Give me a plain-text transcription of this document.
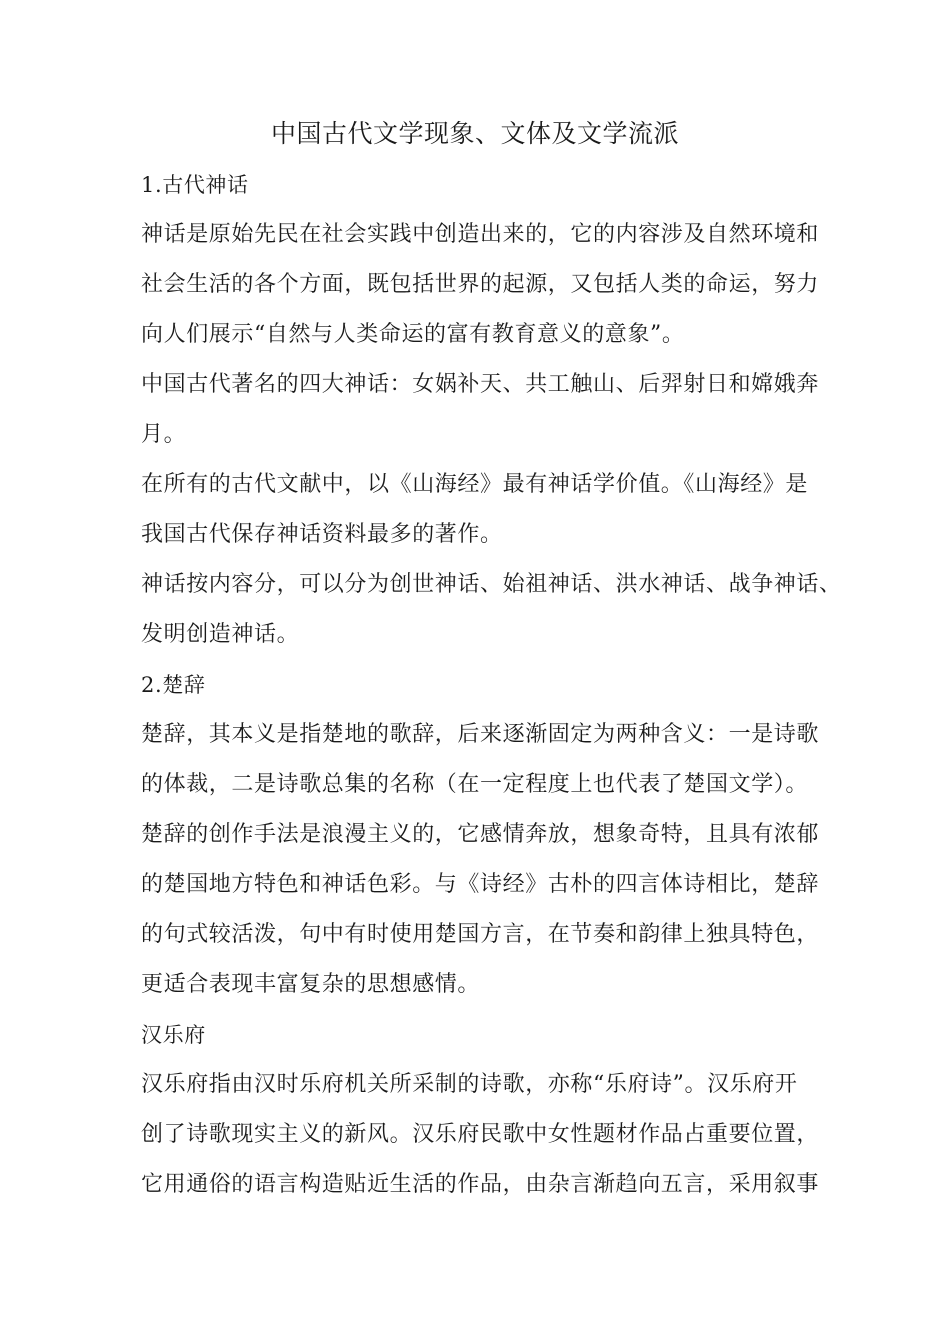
中国古代文学现象、文体及文学流派
1.古代神话
神话是原始先民在社会实践中创造出来的，它的内容涉及自然环境和
社会生活的各个方面，既包括世界的起源，又包括人类的命运，努力
向人们展示“自然与人类命运的富有教育意义的意象”。
中国古代著名的四大神话：女娲补天、共工触山、后羿射日和嫦娥奔
月。
在所有的古代文献中，以《山海经》最有神话学价值。《山海经》是
我国古代保存神话资料最多的著作。
神话按内容分，可以分为创世神话、始祖神话、洪水神话、战争神话、
发明创造神话。
2.楚辞
楚辞，其本义是指楚地的歌辞，后来逐渐固定为两种含义：一是诗歌
的体裁，二是诗歌总集的名称（在一定程度上也代表了楚国文学）。
楚辞的创作手法是浪漫主义的，它感情奔放，想象奇特，且具有浓郁
的楚国地方特色和神话色彩。与《诗经》古朴的四言体诗相比，楚辞
的句式较活泼，句中有时使用楚国方言，在节奏和韵律上独具特色，
更适合表现丰富复杂的思想感情。
汉乐府
汉乐府指由汉时乐府机关所采制的诗歌，亦称“乐府诗”。汉乐府开
创了诗歌现实主义的新风。汉乐府民歌中女性题材作品占重要位置，
它用通俗的语言构造贴近生活的作品，由杂言渐趋向五言，采用叙事
